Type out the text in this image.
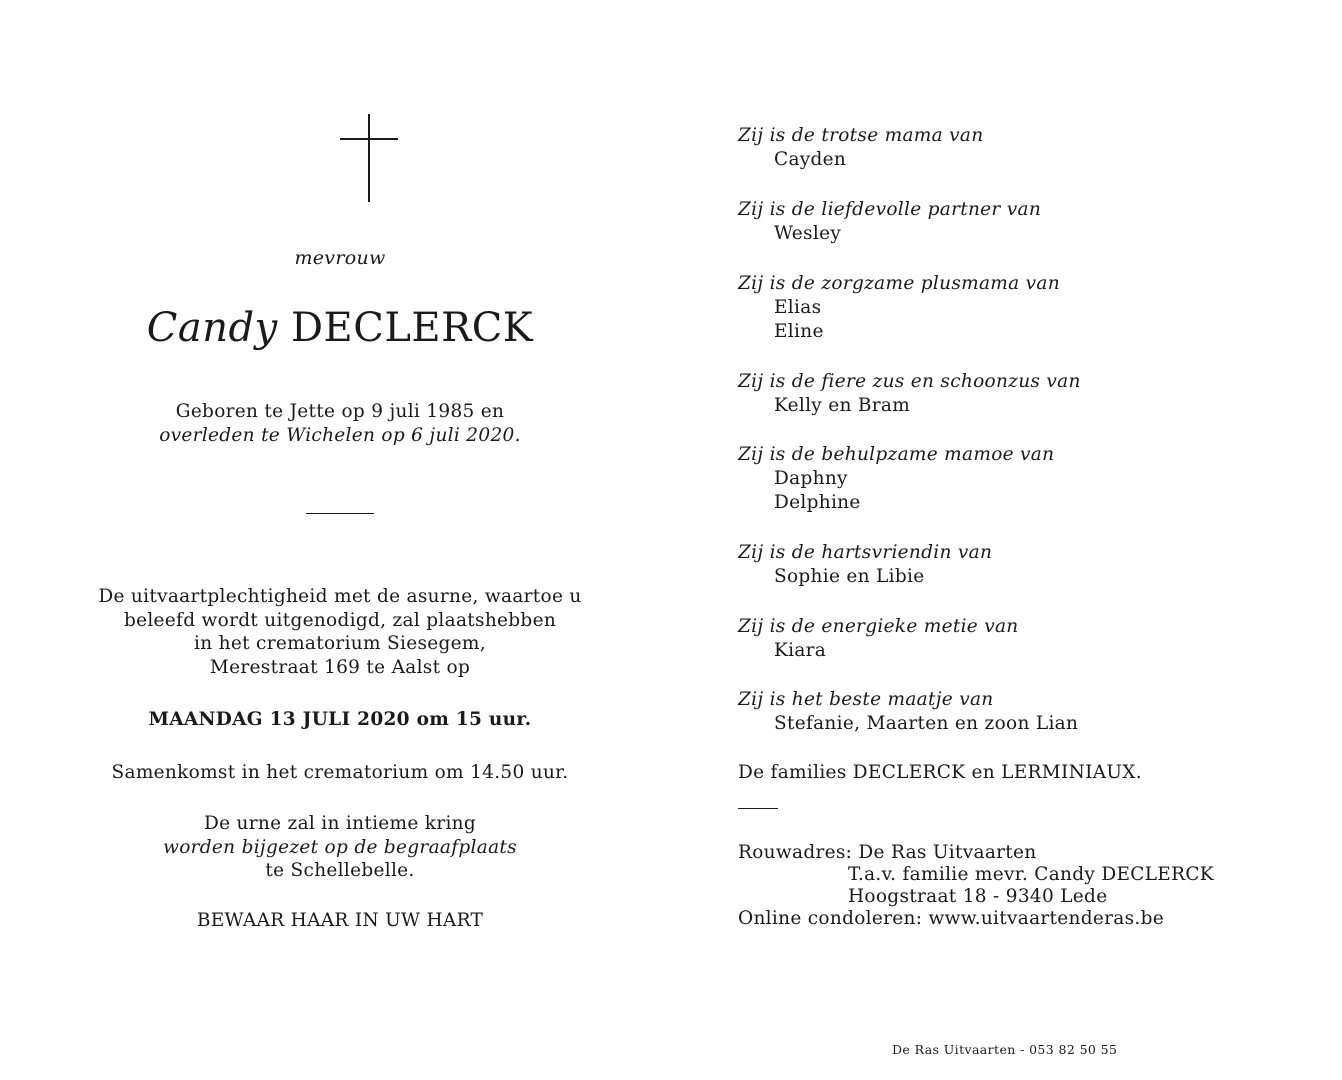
mevrouw
Candy DECLERCK
Geboren te Jette op 9 juli 1985 en
overleden te Wichelen op 6 juli 2020.
De uitvaartplechtigheid met de asurne, waartoe u
beleefd wordt uitgenodigd, zal plaatshebben
in het crematorium Siesegem,
Merestraat 169 te Aalst op
MAANDAG 13 JULI 2020 om 15 uur.
Samenkomst in het crematorium om 14.50 uur.
De urne zal in intieme kring
worden bijgezet op de begraafplaats
te Schellebelle.
BEWAAR HAAR IN UW HART
Zij is de trotse mama van
Cayden
Zij is de liefdevolle partner van
Wesley
Zij is de zorgzame plusmama van
Elias
Eline
Zij is de fiere zus en schoonzus van
Kelly en Bram
Zij is de behulpzame mamoe van
Daphny
Delphine
Zij is de hartsvriendin van
Sophie en Libie
Zij is de energieke metie van
Kiara
Zij is het beste maatje van
Stefanie, Maarten en zoon Lian
De families DECLERCK en LERMINIAUX.
Rouwadres: De Ras Uitvaarten
T.a.v. familie mevr. Candy DECLERCK
Hoogstraat 18 - 9340 Lede
Online condoleren: www.uitvaartenderas.be
De Ras Uitvaarten - 053 82 50 55
